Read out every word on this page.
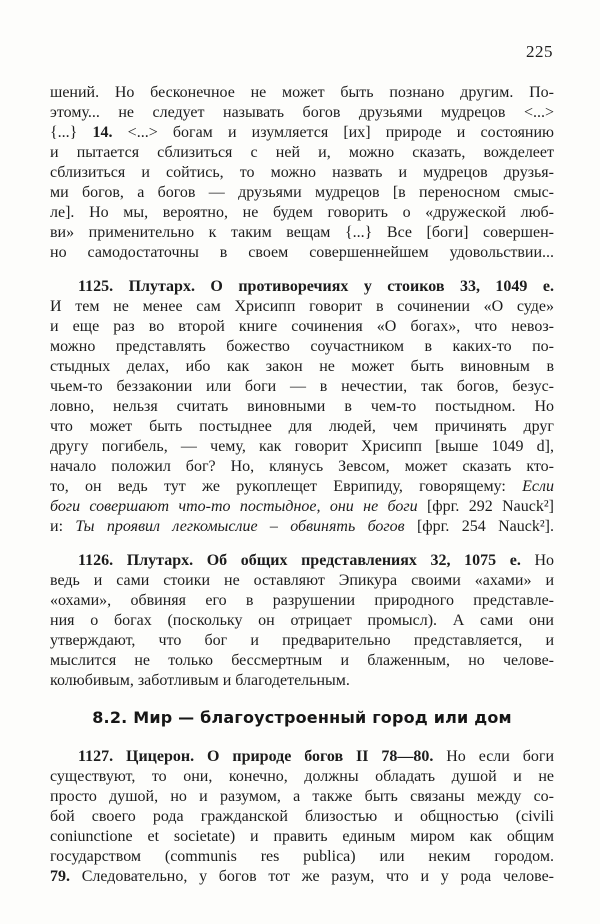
225
шений. Но бесконечное не может быть познано другим. По-
этому... не следует называть богов друзьями мудрецов <...>
{...} 14. <...> богам и изумляется [их] природе и состоянию
и пытается сблизиться с ней и, можно сказать, вожделеет
сблизиться и сойтись, то можно назвать и мудрецов друзья-
ми богов, а богов — друзьями мудрецов [в переносном смыс-
ле]. Но мы, вероятно, не будем говорить о «дружеской люб-
ви» применительно к таким вещам {...} Все [боги] совершен-
но самодостаточны в своем совершеннейшем удовольствии...
1125. Плутарх. О противоречиях у стоиков 33, 1049 e.
И тем не менее сам Хрисипп говорит в сочинении «О суде»
и еще раз во второй книге сочинения «О богах», что невоз-
можно представлять божество соучастником в каких-то по-
стыдных делах, ибо как закон не может быть виновным в
чьем-то беззаконии или боги — в нечестии, так богов, безус-
ловно, нельзя считать виновными в чем-то постыдном. Но
что может быть постыднее для людей, чем причинять друг
другу погибель, — чему, как говорит Хрисипп [выше 1049 d],
начало положил бог? Но, клянусь Зевсом, может сказать кто-
то, он ведь тут же рукоплещет Еврипиду, говорящему: Если
боги совершают что-то постыдное, они не боги [фрг. 292 Nauck²]
и: Ты проявил легкомыслие – обвинять богов [фрг. 254 Nauck²].
1126. Плутарх. Об общих представлениях 32, 1075 e. Но
ведь и сами стоики не оставляют Эпикура своими «ахами» и
«охами», обвиняя его в разрушении природного представле-
ния о богах (поскольку он отрицает промысл). А сами они
утверждают, что бог и предварительно представляется, и
мыслится не только бессмертным и блаженным, но челове-
колюбивым, заботливым и благодетельным.
8.2. Мир — благоустроенный город или дом
1127. Цицерон. О природе богов II 78—80. Но если боги
существуют, то они, конечно, должны обладать душой и не
просто душой, но и разумом, а также быть связаны между со-
бой своего рода гражданской близостью и общностью (civili
coniunctione et societate) и править единым миром как общим
государством (communis res publica) или неким городом.
79. Следовательно, у богов тот же разум, что и у рода челове-
